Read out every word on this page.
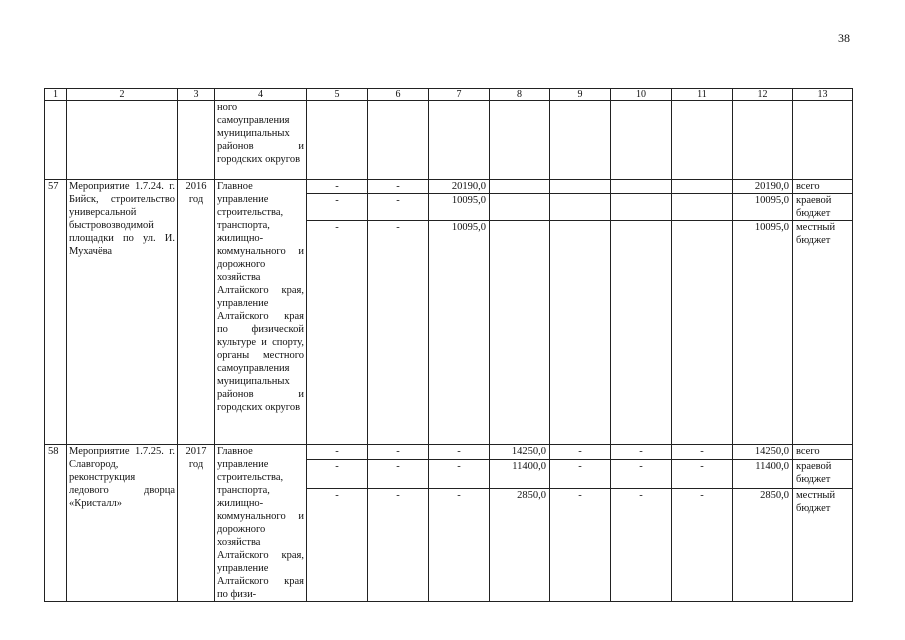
38
1	2	3	4	5	6	7	8	9	10	11	12	13
			ного самоуправления муниципальных районов и городских округов									
57	Мероприятие 1.7.24. г. Бийск, строительство универсальной быстровозводимой площадки по ул. И. Мухачёва	2016 год	Главное управление строительства, транспорта, жилищно-коммунального и дорожного хозяйства Алтайского края, управление Алтайского края по физической культуре и спорту, органы местного самоуправления муниципальных районов и городских округов	-	-	20190,0					20190,0	всего
				-	-	10095,0					10095,0	краевой бюджет
				-	-	10095,0					10095,0	местный бюджет
58	Мероприятие 1.7.25. г. Славгород, реконструкция ледового дворца «Кристалл»	2017 год	Главное управление строительства, транспорта, жилищно-коммунального и дорожного хозяйства Алтайского края, управление Алтайского края по физи-	-	-	-	14250,0	-	-	-	14250,0	всего
				-	-	-	11400,0	-	-	-	11400,0	краевой бюджет
				-	-	-	2850,0	-	-	-	2850,0	местный бюджет
